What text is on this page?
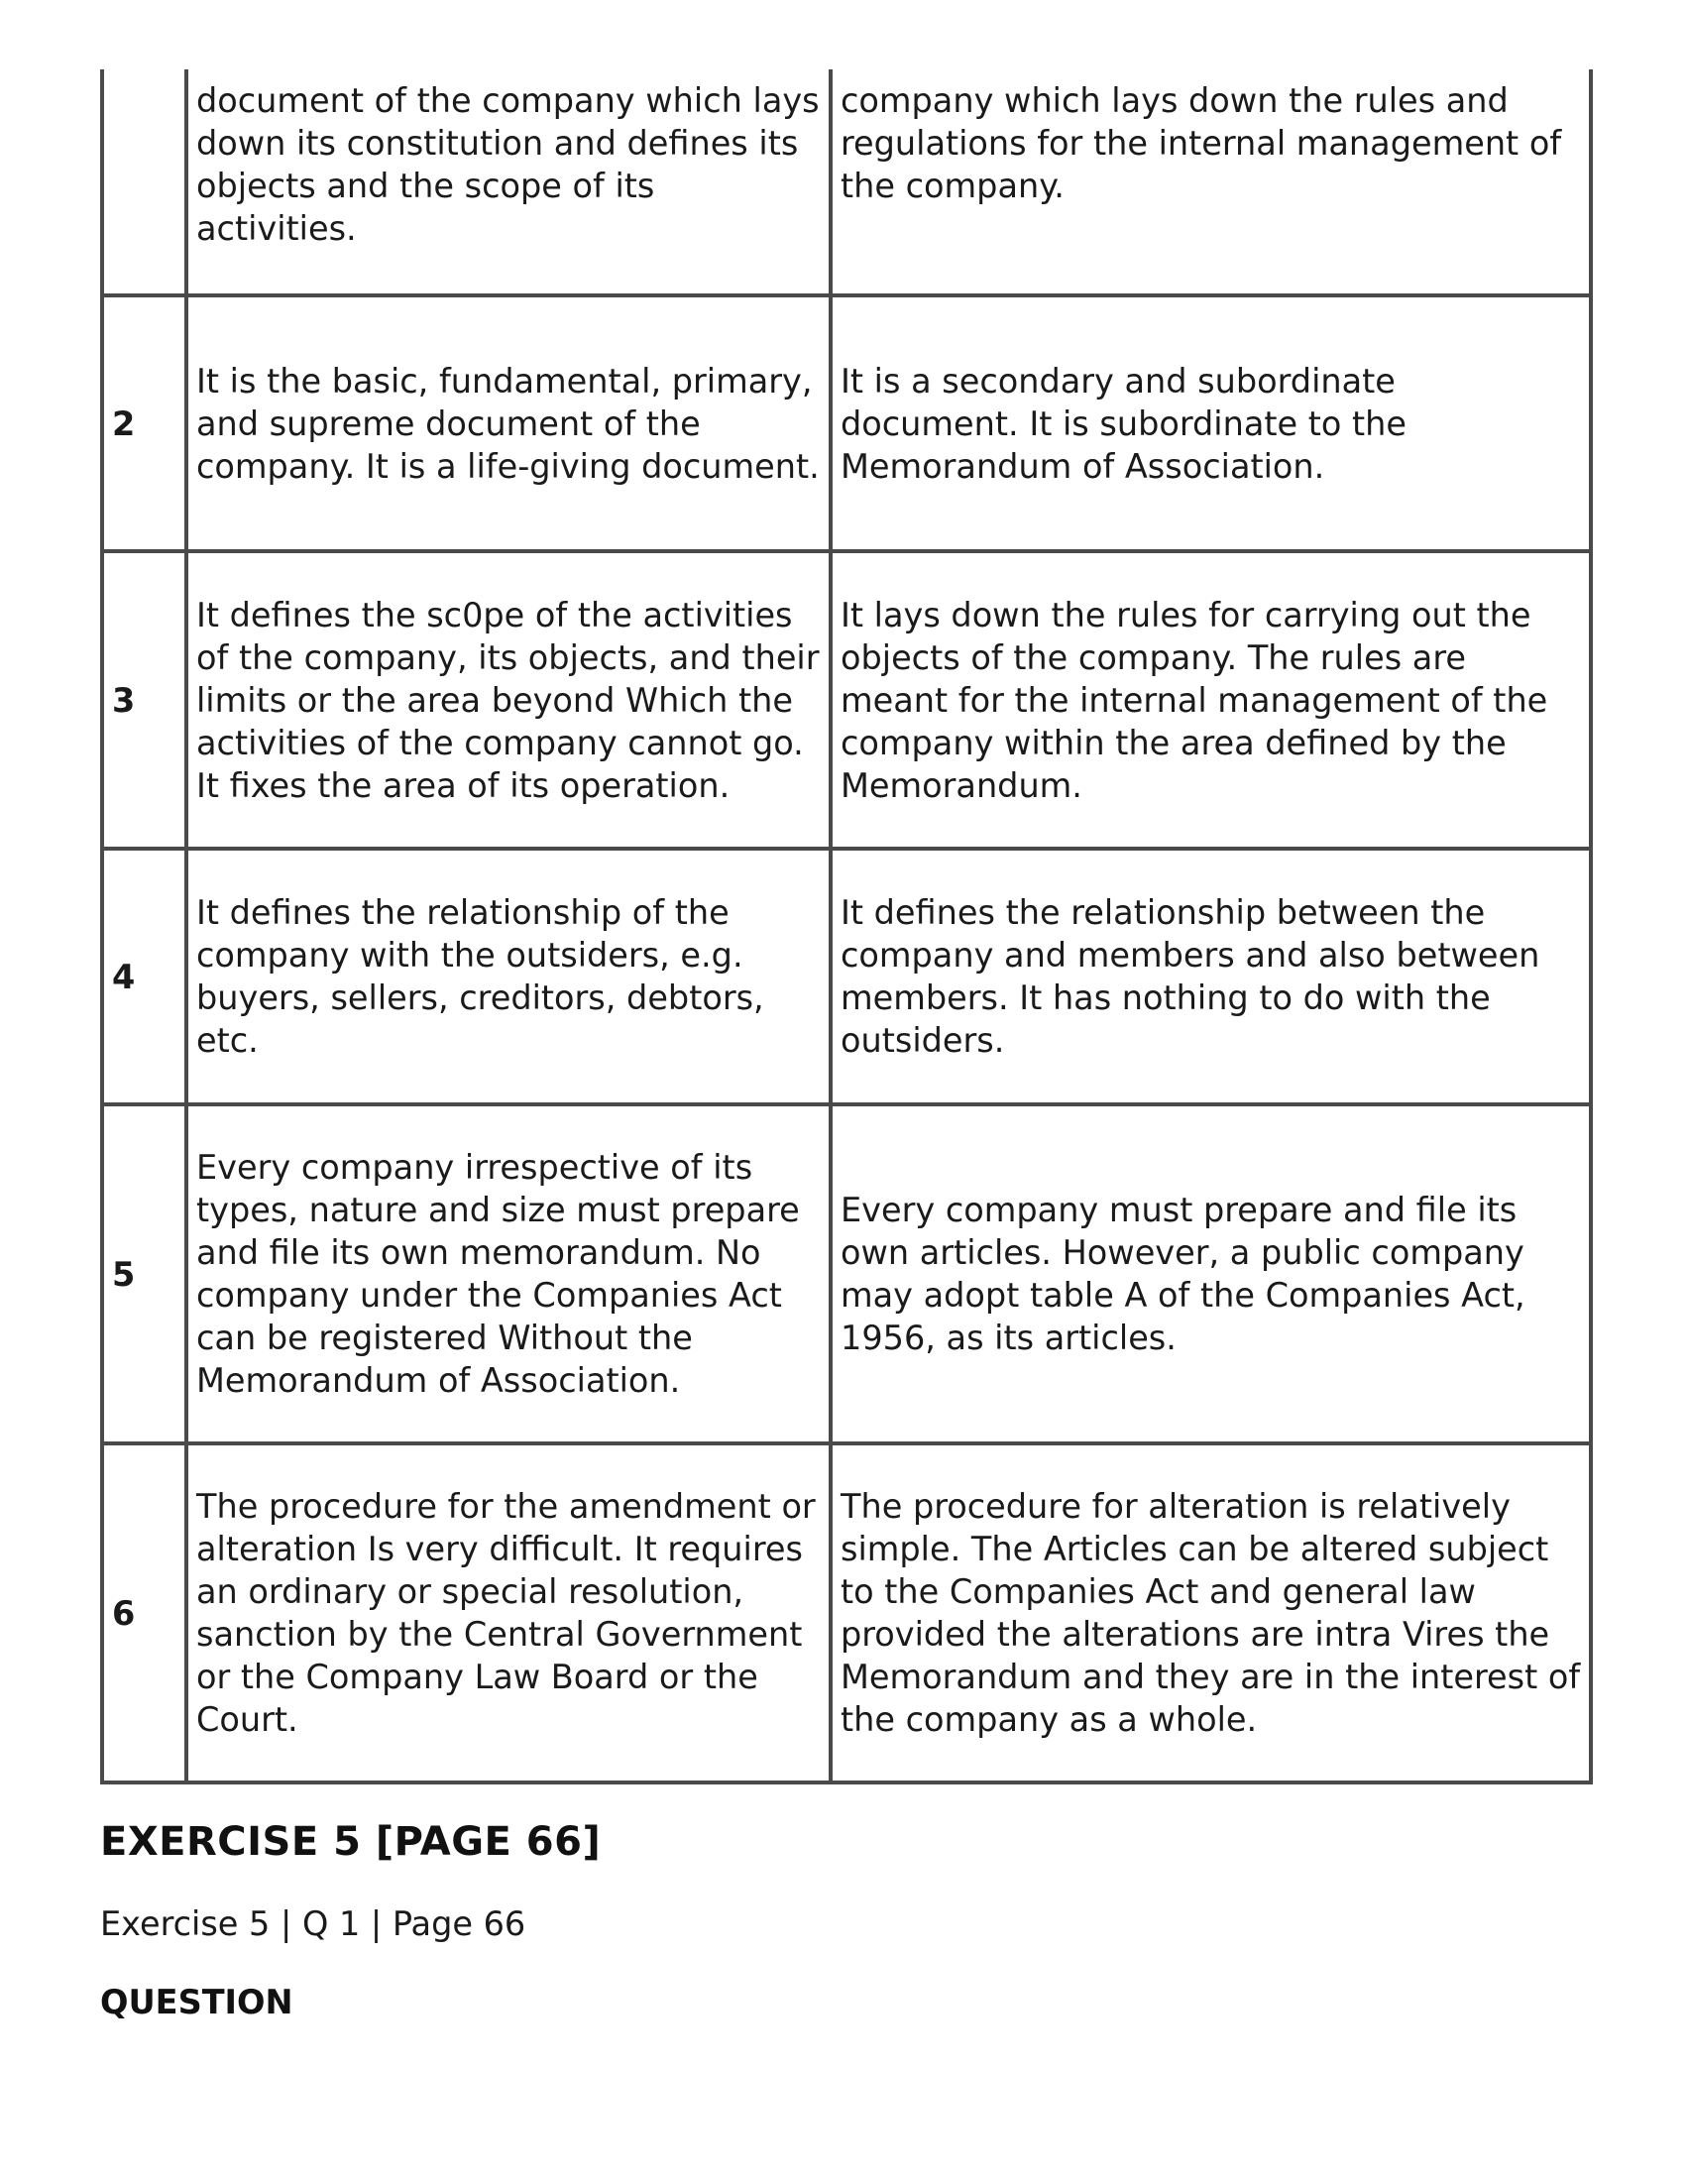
	document of the company which lays down its constitution and defines its objects and the scope of its activities.	company which lays down the rules and regulations for the internal management of the company.
2	It is the basic, fundamental, primary, and supreme document of the company. It is a life-giving document.	It is a secondary and subordinate document. It is subordinate to the Memorandum of Association.
3	It defines the sc0pe of the activities of the company, its objects, and their limits or the area beyond Which the activities of the company cannot go. It fixes the area of its operation.	It lays down the rules for carrying out the objects of the company. The rules are meant for the internal management of the company within the area defined by the Memorandum.
4	It defines the relationship of the company with the outsiders, e.g. buyers, sellers, creditors, debtors, etc.	It defines the relationship between the company and members and also between members. It has nothing to do with the outsiders.
5	Every company irrespective of its types, nature and size must prepare and file its own memorandum. No company under the Companies Act can be registered Without the Memorandum of Association.	Every company must prepare and file its own articles. However, a public company may adopt table A of the Companies Act, 1956, as its articles.
6	The procedure for the amendment or alteration Is very difficult. It requires an ordinary or special resolution, sanction by the Central Government or the Company Law Board or the Court.	The procedure for alteration is relatively simple. The Articles can be altered subject to the Companies Act and general law provided the alterations are intra Vires the Memorandum and they are in the interest of the company as a whole.
EXERCISE 5 [PAGE 66]

Exercise 5 | Q 1 | Page 66

QUESTION
